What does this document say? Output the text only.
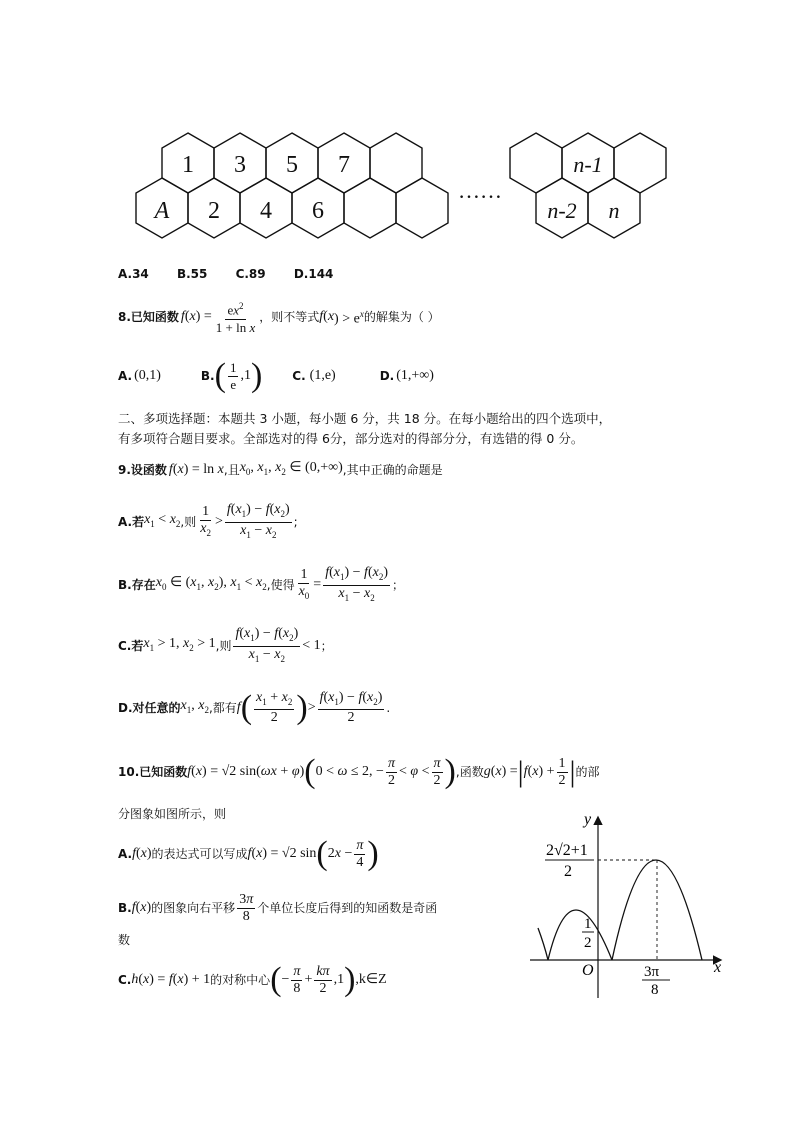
1 3 5 7
A 2 4 6
……
n-1
n-2 n
A.34 B.55 C.89 D.144
8.已知函数 f ( x ) = $\frac{ex^2}{\text{1 + ln x}}$ ，则不等式 f ( x ) > $e^x$ 的解集为（ ）
A. (0,1)	B. ( $\frac{1}{e} ,1$ )	C. (1,e)	D. (1,+∞)
二、多项选择题：本题共 3 小题，每小题 6 分，共 18 分。在每小题给出的四个选项中，
有多项符合题目要求。全部选对的得 6分，部分选对的得部分分，有选错的得 0 分。
9.设函数 f(x) = ln x ,且 $x_0$, $x_1$, $x_2$ ∈ (0,+∞) ,其中正确的命题是
A.若 $x_1 < x_2$ ,则 $\frac{1}{x_2} > \frac{f(x_1) - f(x_2)}{x_1 - x_2}$ ;
B.存在 $x_0$ ∈ ($x_1$, $x_2$), $x_1 < x_2$ ,使得 $\frac{1}{x_0} = \frac{f(x_1) - f(x_2)}{x_1 - x_2}$ ；
C.若 $x_1 > 1$, $x_2 > 1$ ,则 $\frac{f(x_1) - f(x_2)}{x_1 - x_2} < 1$ ；
D.对任意的 $x_1$, $x_2$ ,都有 f ( $\frac{x_1 + x_2}{2}$ ) > $\frac{f(x_1) - f(x_2)}{2}$ .
10.已知函数 f(x) = √2 sin(ωx + φ) ( 0 < ω ≤ 2, − $\frac{\pi}{2} < \varphi < \frac{\pi}{2}$ ) ,函数 g(x) = | $f(x) + \frac{1}{2}$ | 的部
分图象如图所示，则
A. f(x) 的表达式可以写成 f(x) = √2 sin ( $2x - \frac{\pi}{4}$ )
B. f(x) 的图象向右平移 $\frac{3\pi}{8}$ 个单位长度后得到的知函数是奇函
数
C. h(x) = f(x) + 1 的对称中心 ( − $\frac{\pi}{8} + \frac{k\pi}{2} ,1$ ) ,k∈Z
y
x
O
2√2+1
2
1
2
3π
8
